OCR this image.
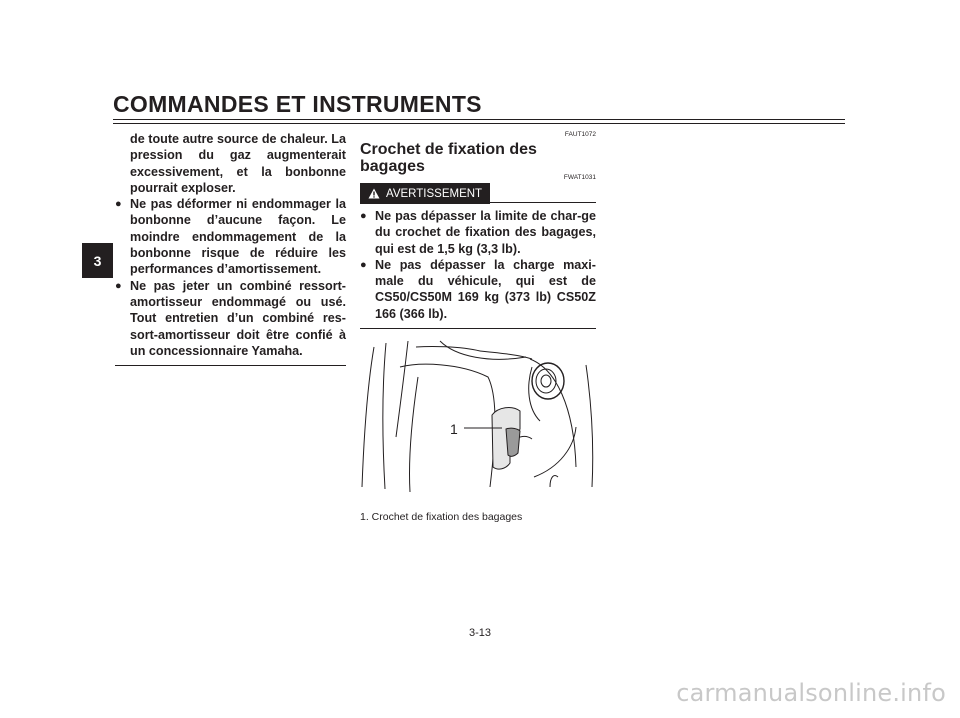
COMMANDES ET INSTRUMENTS
3
de toute autre source de chaleur. La pression du gaz augmenterait excessivement, et la bonbonne pourrait exploser.
● Ne pas déformer ni endommager la bonbonne d’aucune façon. Le moindre endommagement de la bonbonne risque de réduire les performances d’amortissement.
● Ne pas jeter un combiné ressort-amortisseur endommagé ou usé. Tout entretien d’un combiné res-sort-amortisseur doit être confié à un concessionnaire Yamaha.
FAUT1072
Crochet de fixation des bagages
FWAT1031
AVERTISSEMENT
● Ne pas dépasser la limite de char-ge du crochet de fixation des bagages, qui est de 1,5 kg (3,3 lb).
● Ne pas dépasser la charge maxi-male du véhicule, qui est de CS50/CS50M 169 kg (373 lb) CS50Z 166 (366 lb).
1
1. Crochet de fixation des bagages
3-13
carmanualsonline.info
